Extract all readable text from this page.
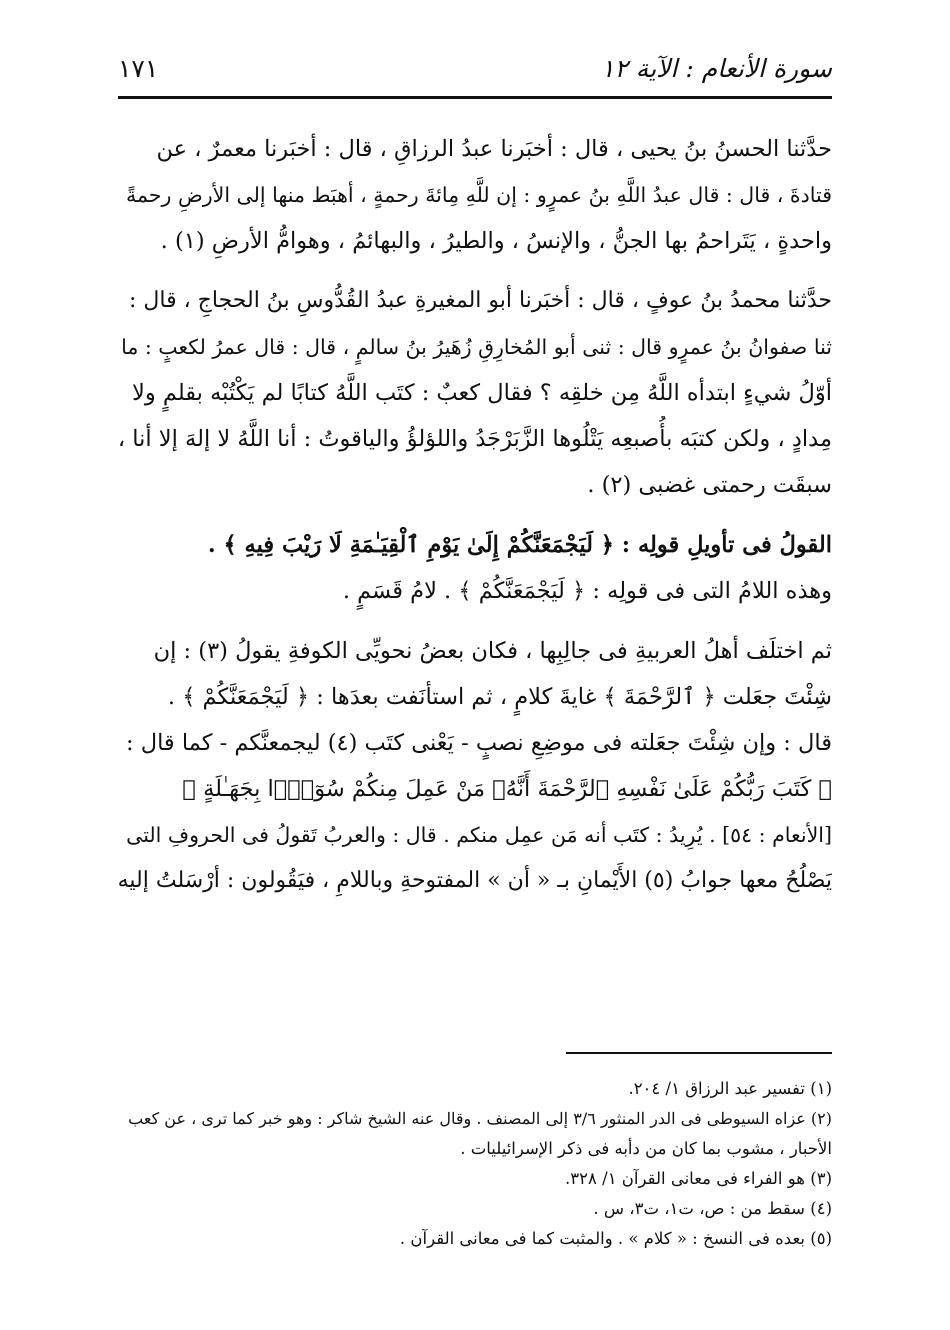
سورة الأنعام : الآية ١٢
١٧١
حدَّثنا الحسنُ بنُ يحيى ، قال : أخبَرنا عبدُ الرزاقِ ، قال : أخبَرنا معمرٌ ، عن
قتادةَ ، قال : قال عبدُ اللَّهِ بنُ عمرٍو : إن للَّهِ مِائةَ رحمةٍ ، أهبَط منها إلى الأرضِ رحمةً
واحدةٍ ، يَتَراحمُ بها الجنُّ ، والإنسُ ، والطيرُ ، والبهائمُ ، وهوامُّ الأرضِ (١) .
حدَّثنا محمدُ بنُ عوفٍ ، قال : أخبَرنا أبو المغيرةِ عبدُ القُدُّوسِ بنُ الحجاجِ ، قال :
ثنا صفوانُ بنُ عمرٍو قال : ثنى أبو المُخارِقِ زُهَيرُ بنُ سالمٍ ، قال : قال عمرُ لكعبٍ : ما
أوّلُ شيءٍ ابتدأه اللَّهُ مِن خلقِه ؟ فقال كعبٌ : كتَب اللَّهُ كتابًا لم يَكْتُبْه بقلمٍ ولا
مِدادٍ ، ولكن كتبَه بأُصبعِه يَتْلُوها الزَّبَرْجَدُ واللؤلؤُ والياقوتُ : أنا اللَّهُ لا إلهَ إلا أنا ،
سبقَت رحمتى غضبى (٢) .
القولُ فى تأويلِ قولِه : ﴿ لَيَجْمَعَنَّكُمْ إِلَىٰ يَوْمِ ٱلْقِيَـٰمَةِ لَا رَيْبَ فِيهِ ﴾ .
وهذه اللامُ التى فى قولِه : ﴿ لَيَجْمَعَنَّكُمْ ﴾ . لامُ قَسَمٍ .
ثم اختلَف أهلُ العربيةِ فى جالِبِها ، فكان بعضُ نحويِّى الكوفةِ يقولُ (٣) : إن
شِئْتَ جعَلت ﴿ ٱلرَّحْمَةَ ﴾ غايةَ كلامٍ ، ثم استأنَفت بعدَها : ﴿ لَيَجْمَعَنَّكُمْ ﴾ .
قال : وإن شِئْتَ جعَلته فى موضِعِ نصبٍ - يَعْنى كتَب (٤) ليجمعنَّكم - كما قال :
﴿ كَتَبَ رَبُّكُمْ عَلَىٰ نَفْسِهِ ٱلرَّحْمَةَ أَنَّهُۥ مَنْ عَمِلَ مِنكُمْ سُوٓءًۢا بِجَهَـٰلَةٍ ﴾
[الأنعام : ٥٤] . يُرِيدُ : كتَب أنه مَن عمِل منكم . قال : والعربُ تَقولُ فى الحروفِ التى
يَصْلُحُ معها جوابُ (٥) الأَيْمانِ بـ « أن » المفتوحةِ وباللامِ ، فيَقُولون : أرْسَلتُ إليه
(١) تفسير عبد الرزاق ١/ ٢٠٤.
(٢) عزاه السيوطى فى الدر المنثور ٣/٦ إلى المصنف . وقال عنه الشيخ شاكر : وهو خبر كما ترى ، عن كعب
الأحبار ، مشوب بما كان من دأبه فى ذكر الإسرائيليات .
(٣) هو الفراء فى معانى القرآن ١/ ٣٢٨.
(٤) سقط من : ص، ت١، ت٣، س .
(٥) بعده فى النسخ : « كلام » . والمثبت كما فى معانى القرآن .
